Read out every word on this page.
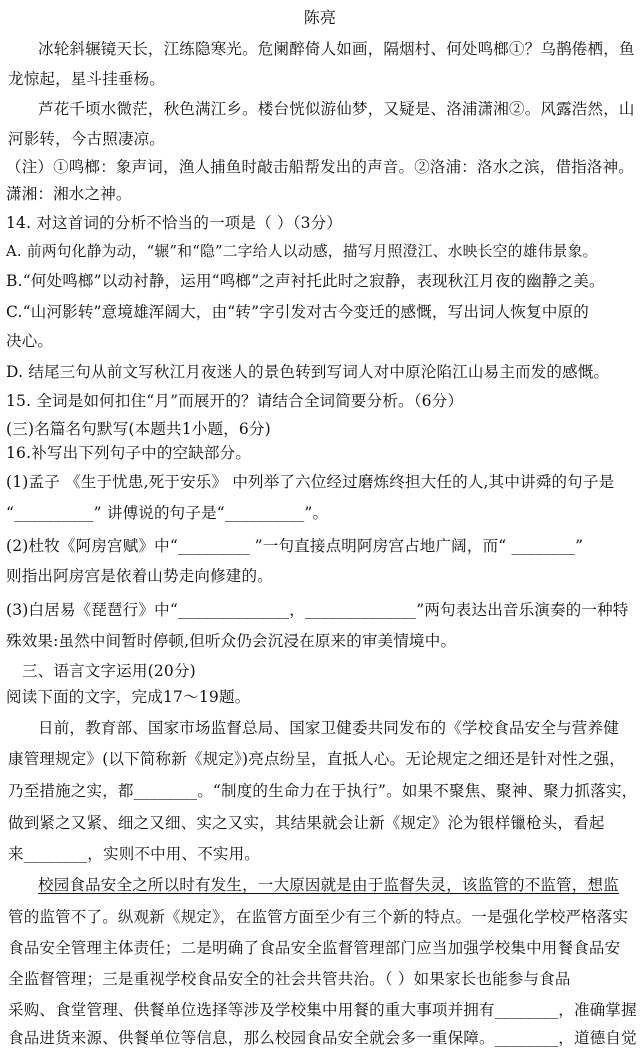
陈亮
冰轮斜辗镜天长，江练隐寒光。危阑醉倚人如画，隔烟村、何处鸣榔①？乌鹊倦栖，鱼
龙惊起，星斗挂垂杨。
芦花千顷水微茫，秋色满江乡。楼台恍似游仙梦，又疑是、洛浦潇湘②。风露浩然，山
河影转，今古照凄凉。
（注）①鸣榔：象声词，渔人捕鱼时敲击船帮发出的声音。②洛浦：洛水之滨，借指洛神。
潇湘：湘水之神。
14. 对这首词的分析不恰当的一项是（ ）（3分）
A. 前两句化静为动，“辗”和“隐”二字给人以动感，描写月照澄江、水映长空的雄伟景象。
B.“何处鸣榔”以动衬静，运用“鸣榔”之声衬托此时之寂静，表现秋江月夜的幽静之美。
C.“山河影转”意境雄浑阔大，由“转”字引发对古今变迁的感慨，写出词人恢复中原的
决心。
D. 结尾三句从前文写秋江月夜迷人的景色转到写词人对中原沦陷江山易主而发的感慨。
15. 全词是如何扣住“月”而展开的？请结合全词简要分析。（6分）
(三)名篇名句默写(本题共1小题，6分)
16.补写出下列句子中的空缺部分。
(1)孟子 《生于忧患,死于安乐》 中列举了六位经过磨炼终担大任的人,其中讲舜的句子是
“__________” 讲傅说的句子是“__________”。
(2)杜牧《阿房宫赋》中“_________ ”一句直接点明阿房宫占地广阔，而“ ________”
则指出阿房宫是依着山势走向修建的。
(3)白居易《琵琶行》中“______________，______________”两句表达出音乐演奏的一种特
殊效果:虽然中间暂时停顿,但听众仍会沉浸在原来的审美情境中。
三、语言文字运用(20分)
阅读下面的文字，完成17～19题。
日前，教育部、国家市场监督总局、国家卫健委共同发布的《学校食品安全与营养健
康管理规定》(以下简称新《规定》)亮点纷呈，直抵人心。无论规定之细还是针对性之强，
乃至措施之实，都________。“制度的生命力在于执行”。如果不聚焦、聚神、聚力抓落实，
做到紧之又紧、细之又细、实之又实，其结果就会让新《规定》沦为银样镴枪头，看起
来________，实则不中用、不实用。
校园食品安全之所以时有发生，一大原因就是由于监督失灵，该监管的不监管，想监
管的监管不了。纵观新《规定》，在监管方面至少有三个新的特点。一是强化学校严格落实
食品安全管理主体责任；二是明确了食品安全监督管理部门应当加强学校集中用餐食品安
全监督管理；三是重视学校食品安全的社会共管共治。（ ）如果家长也能参与食品
采购、食堂管理、供餐单位选择等涉及学校集中用餐的重大事项并拥有________，准确掌握
食品进货来源、供餐单位等信息，那么校园食品安全就会多一重保障。________，道德自觉
